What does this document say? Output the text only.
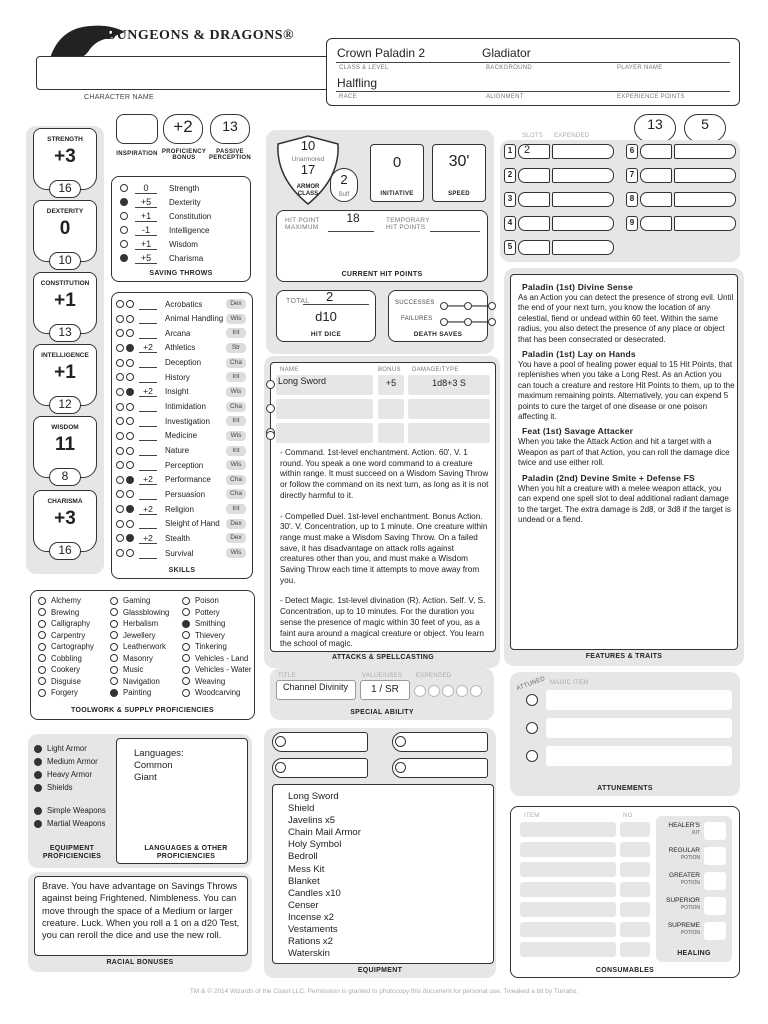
DUNGEONS & DRAGONS®
CHARACTER NAME
Crown Paladin 2	Gladiator
CLASS & LEVEL	BACKGROUND	PLAYER NAME
Halfling
RACE	ALIGNMENT	EXPERIENCE POINTS
INSPIRATION
+2
PROFICIENCY BONUS
13
PASSIVE PERCEPTION
0	Strength
+5	Dexterity
+1	Constitution
-1	Intelligence
+1	Wisdom
+5	Charisma
SAVING THROWS
Acrobatics	Dex
Animal Handling	Wis
Arcana	Int
+2	Athletics	Str
Deception	Cha
History	Int
+2	Insight	Wis
Intimidation	Cha
Investigation	Int
Medicine	Wis
Nature	Int
Perception	Wis
+2	Performance	Cha
Persuasion	Cha
+2	Religion	Int
Sleight of Hand	Dex
+2	Stealth	Dex
Survival	Wis
SKILLS
10
Unarmored
17
ARMOR CLASS
2
Buff
0
INITIATIVE
30'
SPEED
HIT POINT MAXIMUM
18	TEMPORARY HIT POINTS
CURRENT HIT POINTS
TOTAL 2
d10
HIT DICE
SUCCESSES — —
FAILURES — —
DEATH SAVES
13	5
SLOTS EXPENDED
Paladin (1st) Divine Sense
As an Action you can detect the presence of strong evil. Until the end of your next turn, you know the location of any celestial, fiend or undead within 60 feet. Within the same radius, you also detect the presence of any place or object that has been consecrated or desecrated.
Paladin (1st) Lay on Hands
You have a pool of healing power equal to 15 Hit Points, that replenishes when you take a Long Rest. As an Action you can touch a creature and restore Hit Points to them, up to the maximum remaining points. Alternatively, you can expend 5 points to cure the target of one disease or one poison affecting it.
Feat (1st) Savage Attacker
When you take the Attack Action and hit a target with a Weapon as part of that Action, you can roll the damage dice twice and use either roll.
Paladin (2nd) Devine Smite + Defense FS
When you hit a creature with a melee weapon attack, you can expend one spell slot to deal additional radiant damage to the target. The extra damage is 2d8, or 3d8 if the target is undead or a fiend.
FEATURES & TRAITS
NAME	BONUS DAMAGE/TYPE
- Command. 1st-level enchantment. Action. 60'. V. 1 round. You speak a one word command to a creature within range. It must succeed on a Wisdom Saving Throw or follow the command on its next turn, as long as it is not directly harmful to it.
- Compelled Duel. 1st-level enchantment. Bonus Action. 30'. V. Concentration, up to 1 minute. One creature within range must make a Wisdom Saving Throw. On a failed save, it has disadvantage on attack rolls against creatures other than you, and must make a Wisdom Saving Throw each time it attempts to move away from you.
- Detect Magic. 1st-level divination (R). Action. Self. V, S. Concentration, up to 10 minutes. For the duration you sense the presence of magic within 30 feet of you, as a faint aura around a magical creature or object. You learn the school of magic.
ATTACKS & SPELLCASTING
Alchemy
Brewing
Calligraphy
Carpentry
Cartography
Cobbling
Cookery
Disguise
Forgery
Gaming
Glassblowing
Herbalism
Jewellery
Leatherwork
Masonry
Music
Navigation
Painting
Poison
Pottery
Smithing
Thievery
Tinkering
Vehicles - Land
Vehicles - Water
Weaving
Woodcarving
TOOLWORK & SUPPLY PROFICIENCIES
TITLE	VALUE/USES EXPENDED
Channel Divinity	1 / SR
SPECIAL ABILITY
ATTUNED MAGIC ITEM
ATTUNEMENTS
Light Armor
Medium Armor
Heavy Armor
Shields
Simple Weapons
Martial Weapons
EQUIPMENT PROFICIENCIES
Languages:
Common
Giant
LANGUAGES & OTHER PROFICIENCIES
Brave. You have advantage on Savings Throws against being Frightened. Nimbleness. You can move through the space of a Medium or larger creature. Luck. When you roll a 1 on a d20 Test, you can reroll the dice and use the new roll.
RACIAL BONUSES
Long Sword
Shield
Javelins x5
Chain Mail Armor
Holy Symbol
Bedroll
Mess Kit
Blanket
Candles x10
Censer
Incense x2
Vestaments
Rations x2
Waterskin
EQUIPMENT
ITEM	NO
HEALING
CONSUMABLES
TM & © 2014 Wizards of the Coast LLC. Permission is granted to photocopy this document for personal use. Tweaked a bit by Turrabo.
STRENGTH
+3
16
DEXTERITY
0
10
CONSTITUTION
+1
13
INTELLIGENCE
+1
12
WISDOM
11
8
CHARISMA
+3
16
1
2
3
4
5
6
7
8
9
2
Long Sword	+5	1d8+3 S
HEALER'S
KIT
REGULAR
POTION
GREATER
POTION
SUPERIOR
POTION
SUPREME
POTION
